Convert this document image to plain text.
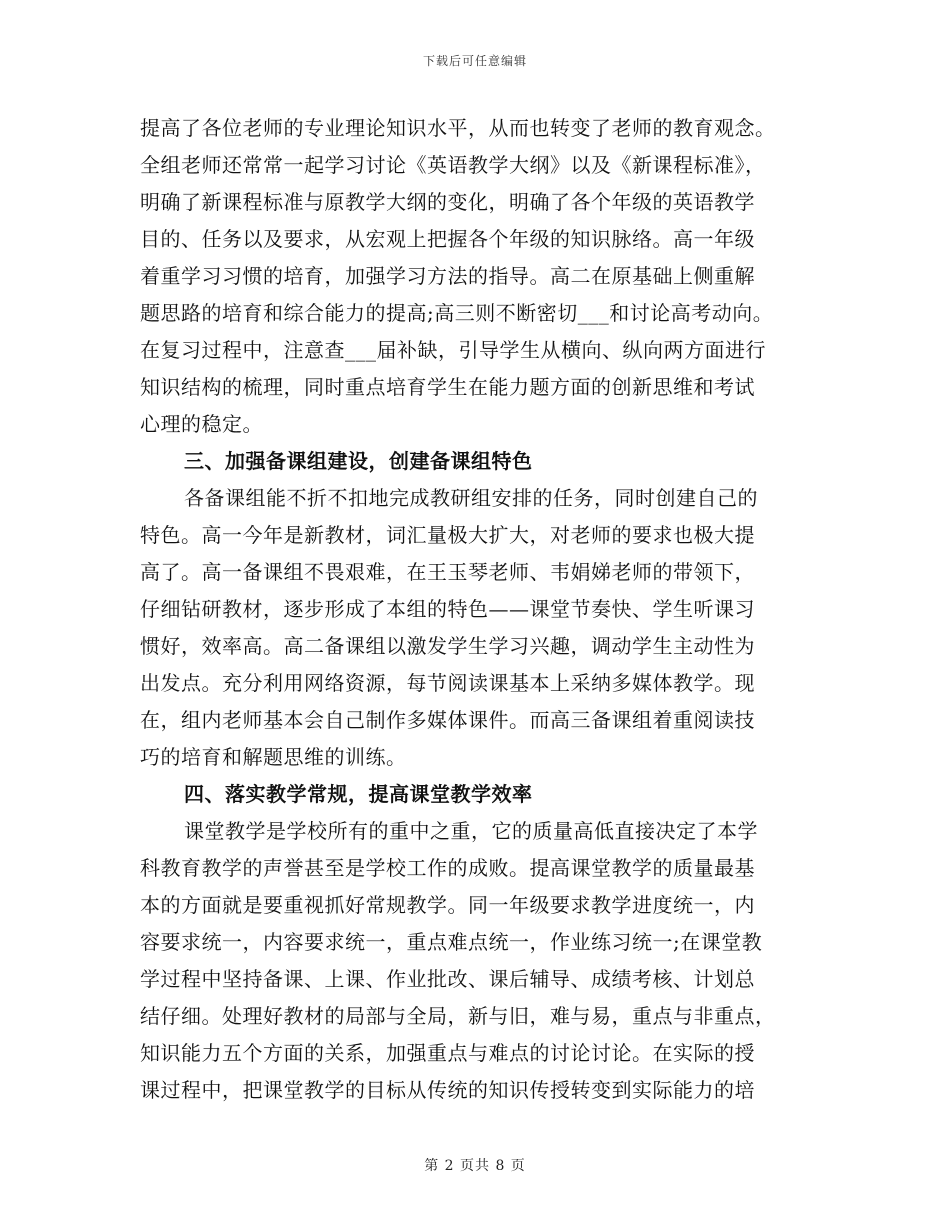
下载后可任意编辑
提高了各位老师的专业理论知识水平，从而也转变了老师的教育观念。
全组老师还常常一起学习讨论《英语教学大纲》以及《新课程标准》，
明确了新课程标准与原教学大纲的变化，明确了各个年级的英语教学
目的、任务以及要求，从宏观上把握各个年级的知识脉络。高一年级
着重学习习惯的培育，加强学习方法的指导。高二在原基础上侧重解
题思路的培育和综合能力的提高;高三则不断密切___和讨论高考动向。
在复习过程中，注意查___届补缺，引导学生从横向、纵向两方面进行
知识结构的梳理，同时重点培育学生在能力题方面的创新思维和考试
心理的稳定。
三、加强备课组建设，创建备课组特色
各备课组能不折不扣地完成教研组安排的任务，同时创建自己的
特色。高一今年是新教材，词汇量极大扩大，对老师的要求也极大提
高了。高一备课组不畏艰难，在王玉琴老师、韦娟娣老师的带领下，
仔细钻研教材，逐步形成了本组的特色——课堂节奏快、学生听课习
惯好，效率高。高二备课组以激发学生学习兴趣，调动学生主动性为
出发点。充分利用网络资源，每节阅读课基本上采纳多媒体教学。现
在，组内老师基本会自己制作多媒体课件。而高三备课组着重阅读技
巧的培育和解题思维的训练。
四、落实教学常规，提高课堂教学效率
课堂教学是学校所有的重中之重，它的质量高低直接决定了本学
科教育教学的声誉甚至是学校工作的成败。提高课堂教学的质量最基
本的方面就是要重视抓好常规教学。同一年级要求教学进度统一，内
容要求统一，内容要求统一，重点难点统一，作业练习统一;在课堂教
学过程中坚持备课、上课、作业批改、课后辅导、成绩考核、计划总
结仔细。处理好教材的局部与全局，新与旧，难与易，重点与非重点，
知识能力五个方面的关系，加强重点与难点的讨论讨论。在实际的授
课过程中，把课堂教学的目标从传统的知识传授转变到实际能力的培
第 2 页共 8 页
